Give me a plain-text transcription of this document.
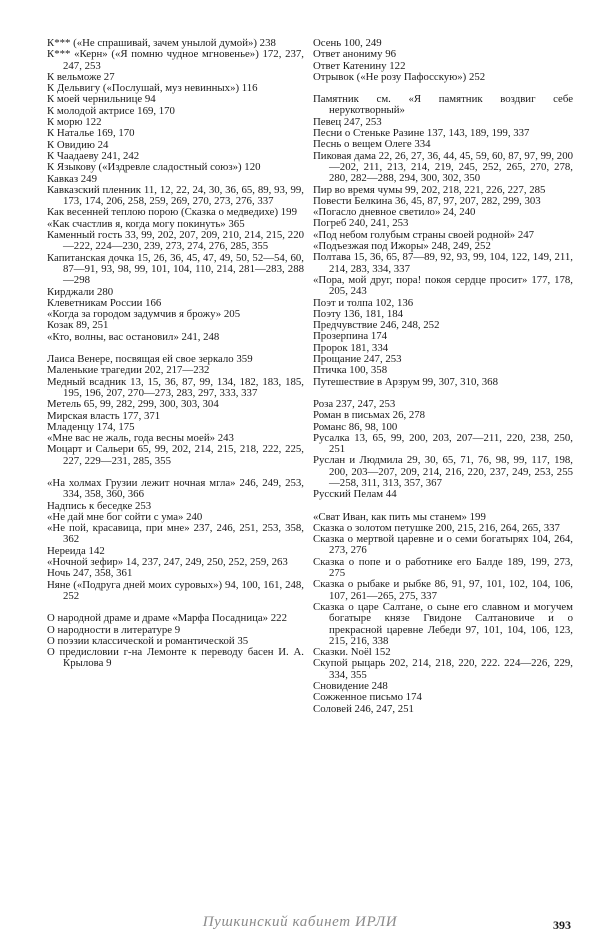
К*** («Не спрашивай, зачем унылой думой») 238
К*** «Керн» («Я помню чудное мгновенье») 172, 237, 247, 253
К вельможе 27
К Дельвигу («Послушай, муз невинных») 116
К моей чернильнице 94
К молодой актрисе 169, 170
К морю 122
К Наталье 169, 170
К Овидию 24
К Чаадаеву 241, 242
К Языкову («Издревле сладостный союз») 120
Кавказ 249
Кавказский пленник 11, 12, 22, 24, 30, 36, 65, 89, 93, 99, 173, 174, 206, 258, 259, 269, 270, 273, 276, 337
Как весенней теплою порою (Сказка о медведихе) 199
«Как счастлив я, когда могу покинуть» 365
Каменный гость 33, 99, 202, 207, 209, 210, 214, 215, 220—222, 224—230, 239, 273, 274, 276, 285, 355
Капитанская дочка 15, 26, 36, 45, 47, 49, 50, 52—54, 60, 87—91, 93, 98, 99, 101, 104, 110, 214, 281—283, 288—298
Кирджали 280
Клеветникам России 166
«Когда за городом задумчив я брожу» 205
Козак 89, 251
«Кто, волны, вас остановил» 241, 248
Лаиса Венере, посвящая ей свое зеркало 359
Маленькие трагедии 202, 217—232
Медный всадник 13, 15, 36, 87, 99, 134, 182, 183, 185, 195, 196, 207, 270—273, 283, 297, 333, 337
Метель 65, 99, 282, 299, 300, 303, 304
Мирская власть 177, 371
Младенцу 174, 175
«Мне вас не жаль, года весны моей» 243
Моцарт и Сальери 65, 99, 202, 214, 215, 218, 222, 225, 227, 229—231, 285, 355
«На холмах Грузии лежит ночная мгла» 246, 249, 253, 334, 358, 360, 366
Надпись к беседке 253
«Не дай мне бог сойти с ума» 240
«Не пой, красавица, при мне» 237, 246, 251, 253, 358, 362
Нереида 142
«Ночной зефир» 14, 237, 247, 249, 250, 252, 259, 263
Ночь 247, 358, 361
Няне («Подруга дней моих суровых») 94, 100, 161, 248, 252
О народной драме и драме «Марфа Посадница» 222
О народности в литературе 9
О поэзии классической и романтической 35
О предисловии г-на Лемонте к переводу басен И. А. Крылова 9
Осень 100, 249
Ответ анониму 96
Ответ Катенину 122
Отрывок («Не розу Пафосскую») 252
Памятник см. «Я памятник воздвиг себе нерукотворный»
Певец 247, 253
Песни о Стеньке Разине 137, 143, 189, 199, 337
Песнь о вещем Олеге 334
Пиковая дама 22, 26, 27, 36, 44, 45, 59, 60, 87, 97, 99, 200—202, 211, 213, 214, 219, 245, 252, 265, 270, 278, 280, 282—288, 294, 300, 302, 350
Пир во время чумы 99, 202, 218, 221, 226, 227, 285
Повести Белкина 36, 45, 87, 97, 207, 282, 299, 303
«Погасло дневное светило» 24, 240
Погреб 240, 241, 253
«Под небом голубым страны своей родной» 247
«Подъезжая под Ижоры» 248, 249, 252
Полтава 15, 36, 65, 87—89, 92, 93, 99, 104, 122, 149, 211, 214, 283, 334, 337
«Пора, мой друг, пора! покоя сердце просит» 177, 178, 205, 243
Поэт и толпа 102, 136
Поэту 136, 181, 184
Предчувствие 246, 248, 252
Прозерпина 174
Пророк 181, 334
Прощание 247, 253
Птичка 100, 358
Путешествие в Арзрум 99, 307, 310, 368
Роза 237, 247, 253
Роман в письмах 26, 278
Романс 86, 98, 100
Русалка 13, 65, 99, 200, 203, 207—211, 220, 238, 250, 251
Руслан и Людмила 29, 30, 65, 71, 76, 98, 99, 117, 198, 200, 203—207, 209, 214, 216, 220, 237, 249, 253, 255—258, 311, 313, 357, 367
Русский Пелам 44
«Сват Иван, как пить мы станем» 199
Сказка о золотом петушке 200, 215, 216, 264, 265, 337
Сказка о мертвой царевне и о семи богатырях 104, 264, 273, 276
Сказка о попе и о работнике его Балде 189, 199, 273, 275
Сказка о рыбаке и рыбке 86, 91, 97, 101, 102, 104, 106, 107, 261—265, 275, 337
Сказка о царе Салтане, о сыне его славном и могучем богатыре князе Гвидоне Салтановиче и о прекрасной царевне Лебеди 97, 101, 104, 106, 123, 215, 216, 338
Сказки. Noël 152
Скупой рыцарь 202, 214, 218, 220, 222. 224—226, 229, 334, 355
Сновидение 248
Сожженное письмо 174
Соловей 246, 247, 251
Пушкинский кабинет ИРЛИ	393
